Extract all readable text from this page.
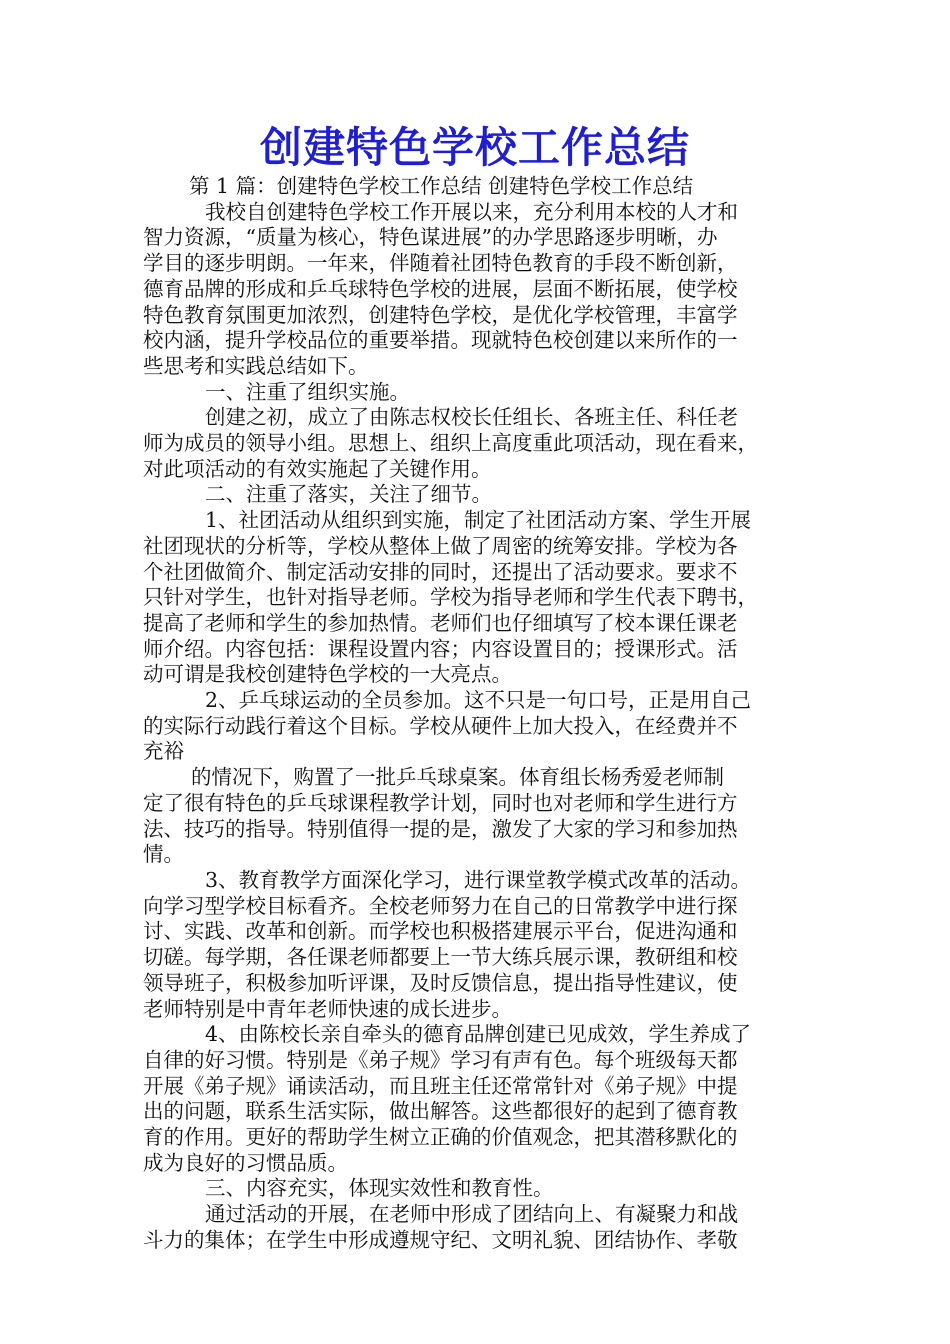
创建特色学校工作总结
第 1 篇：创建特色学校工作总结 创建特色学校工作总结
我校自创建特色学校工作开展以来，充分利用本校的人才和
智力资源，“质量为核心，特色谋进展”的办学思路逐步明晰，办
学目的逐步明朗。一年来，伴随着社团特色教育的手段不断创新，
德育品牌的形成和乒乓球特色学校的进展，层面不断拓展，使学校
特色教育氛围更加浓烈，创建特色学校，是优化学校管理，丰富学
校内涵，提升学校品位的重要举措。现就特色校创建以来所作的一
些思考和实践总结如下。
一、注重了组织实施。
创建之初，成立了由陈志权校长任组长、各班主任、科任老
师为成员的领导小组。思想上、组织上高度重此项活动，现在看来，
对此项活动的有效实施起了关键作用。
二、注重了落实，关注了细节。
1、社团活动从组织到实施，制定了社团活动方案、学生开展
社团现状的分析等，学校从整体上做了周密的统筹安排。学校为各
个社团做简介、制定活动安排的同时，还提出了活动要求。要求不
只针对学生，也针对指导老师。学校为指导老师和学生代表下聘书，
提高了老师和学生的参加热情。老师们也仔细填写了校本课任课老
师介绍。内容包括：课程设置内容；内容设置目的；授课形式。活
动可谓是我校创建特色学校的一大亮点。
2、乒乓球运动的全员参加。这不只是一句口号，正是用自己
的实际行动践行着这个目标。学校从硬件上加大投入，在经费并不
充裕
的情况下，购置了一批乒乓球桌案。体育组长杨秀爱老师制
定了很有特色的乒乓球课程教学计划，同时也对老师和学生进行方
法、技巧的指导。特别值得一提的是，激发了大家的学习和参加热
情。
3、教育教学方面深化学习，进行课堂教学模式改革的活动。
向学习型学校目标看齐。全校老师努力在自己的日常教学中进行探
讨、实践、改革和创新。而学校也积极搭建展示平台，促进沟通和
切磋。每学期，各任课老师都要上一节大练兵展示课，教研组和校
领导班子，积极参加听评课，及时反馈信息，提出指导性建议，使
老师特别是中青年老师快速的成长进步。
4、由陈校长亲自牵头的德育品牌创建已见成效，学生养成了
自律的好习惯。特别是《弟子规》学习有声有色。每个班级每天都
开展《弟子规》诵读活动，而且班主任还常常针对《弟子规》中提
出的问题，联系生活实际，做出解答。这些都很好的起到了德育教
育的作用。更好的帮助学生树立正确的价值观念，把其潜移默化的
成为良好的习惯品质。
三、内容充实，体现实效性和教育性。
通过活动的开展，在老师中形成了团结向上、有凝聚力和战
斗力的集体；在学生中形成遵规守纪、文明礼貌、团结协作、孝敬
